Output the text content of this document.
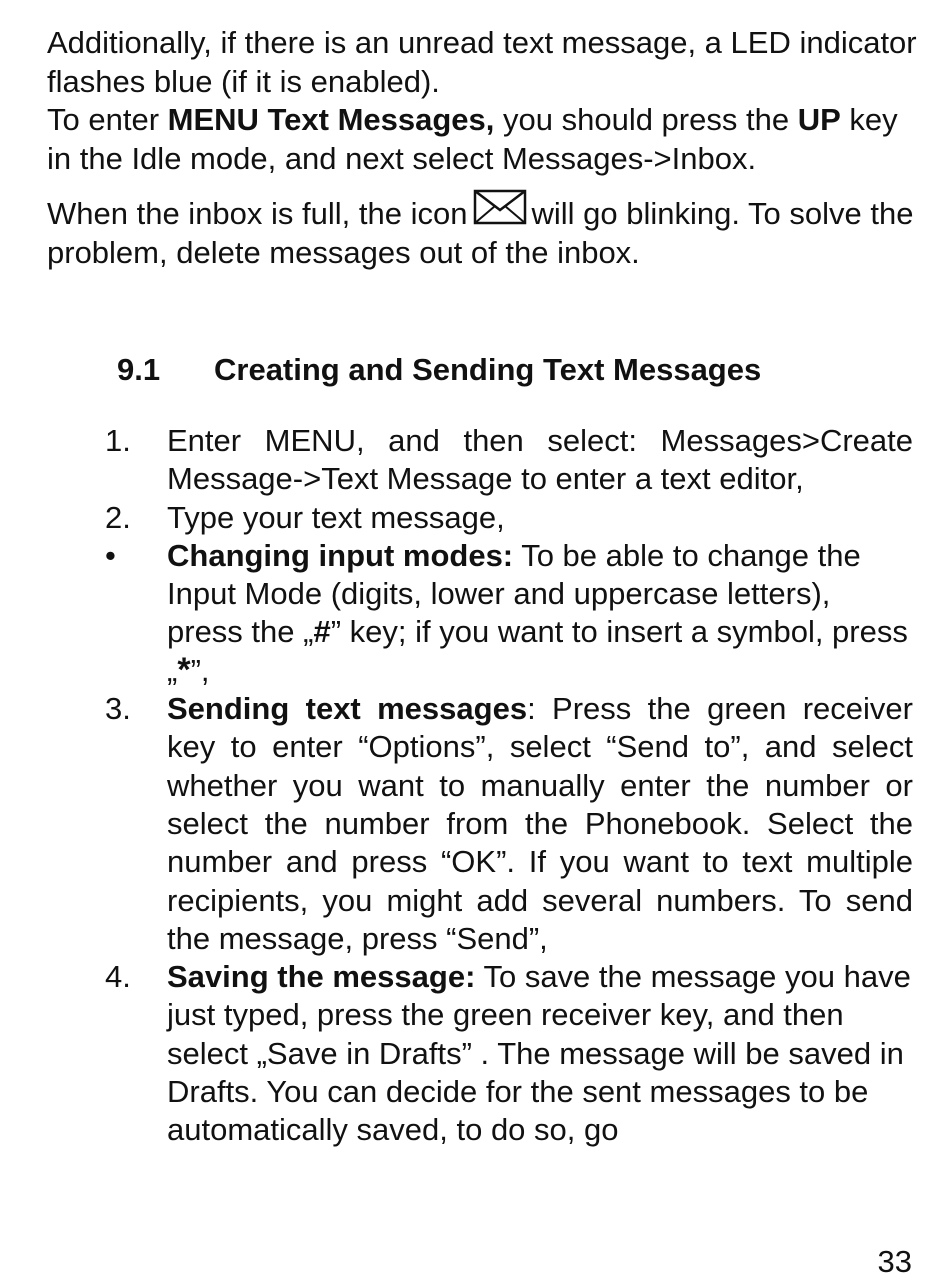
Additionally, if there is an unread text message, a LED indicator flashes blue (if it is enabled).

To enter MENU Text Messages, you should press the UP key in the Idle mode, and next select Messages->Inbox.

When the inbox is full, the icon will go blinking. To solve the problem, delete messages out of the inbox.

9.1 Creating and Sending Text Messages
1. Enter MENU, and then select: Messages>Create Message->Text Message to enter a text editor,
2. Type your text message,
• Changing input modes: To be able to change the Input Mode (digits, lower and uppercase letters), press the „#” key; if you want to insert a symbol, press „*”,
3. Sending text messages: Press the green receiver key to enter “Options”, select “Send to”, and select whether you want to manually enter the number or select the number from the Phonebook. Select the number and press “OK”. If you want to text multiple recipients, you might add several numbers. To send the message, press “Send”,
4. Saving the message: To save the message you have just typed, press the green receiver key, and then select „Save in Drafts” . The message will be saved in Drafts. You can decide for the sent messages to be automatically saved, to do so, go
33
